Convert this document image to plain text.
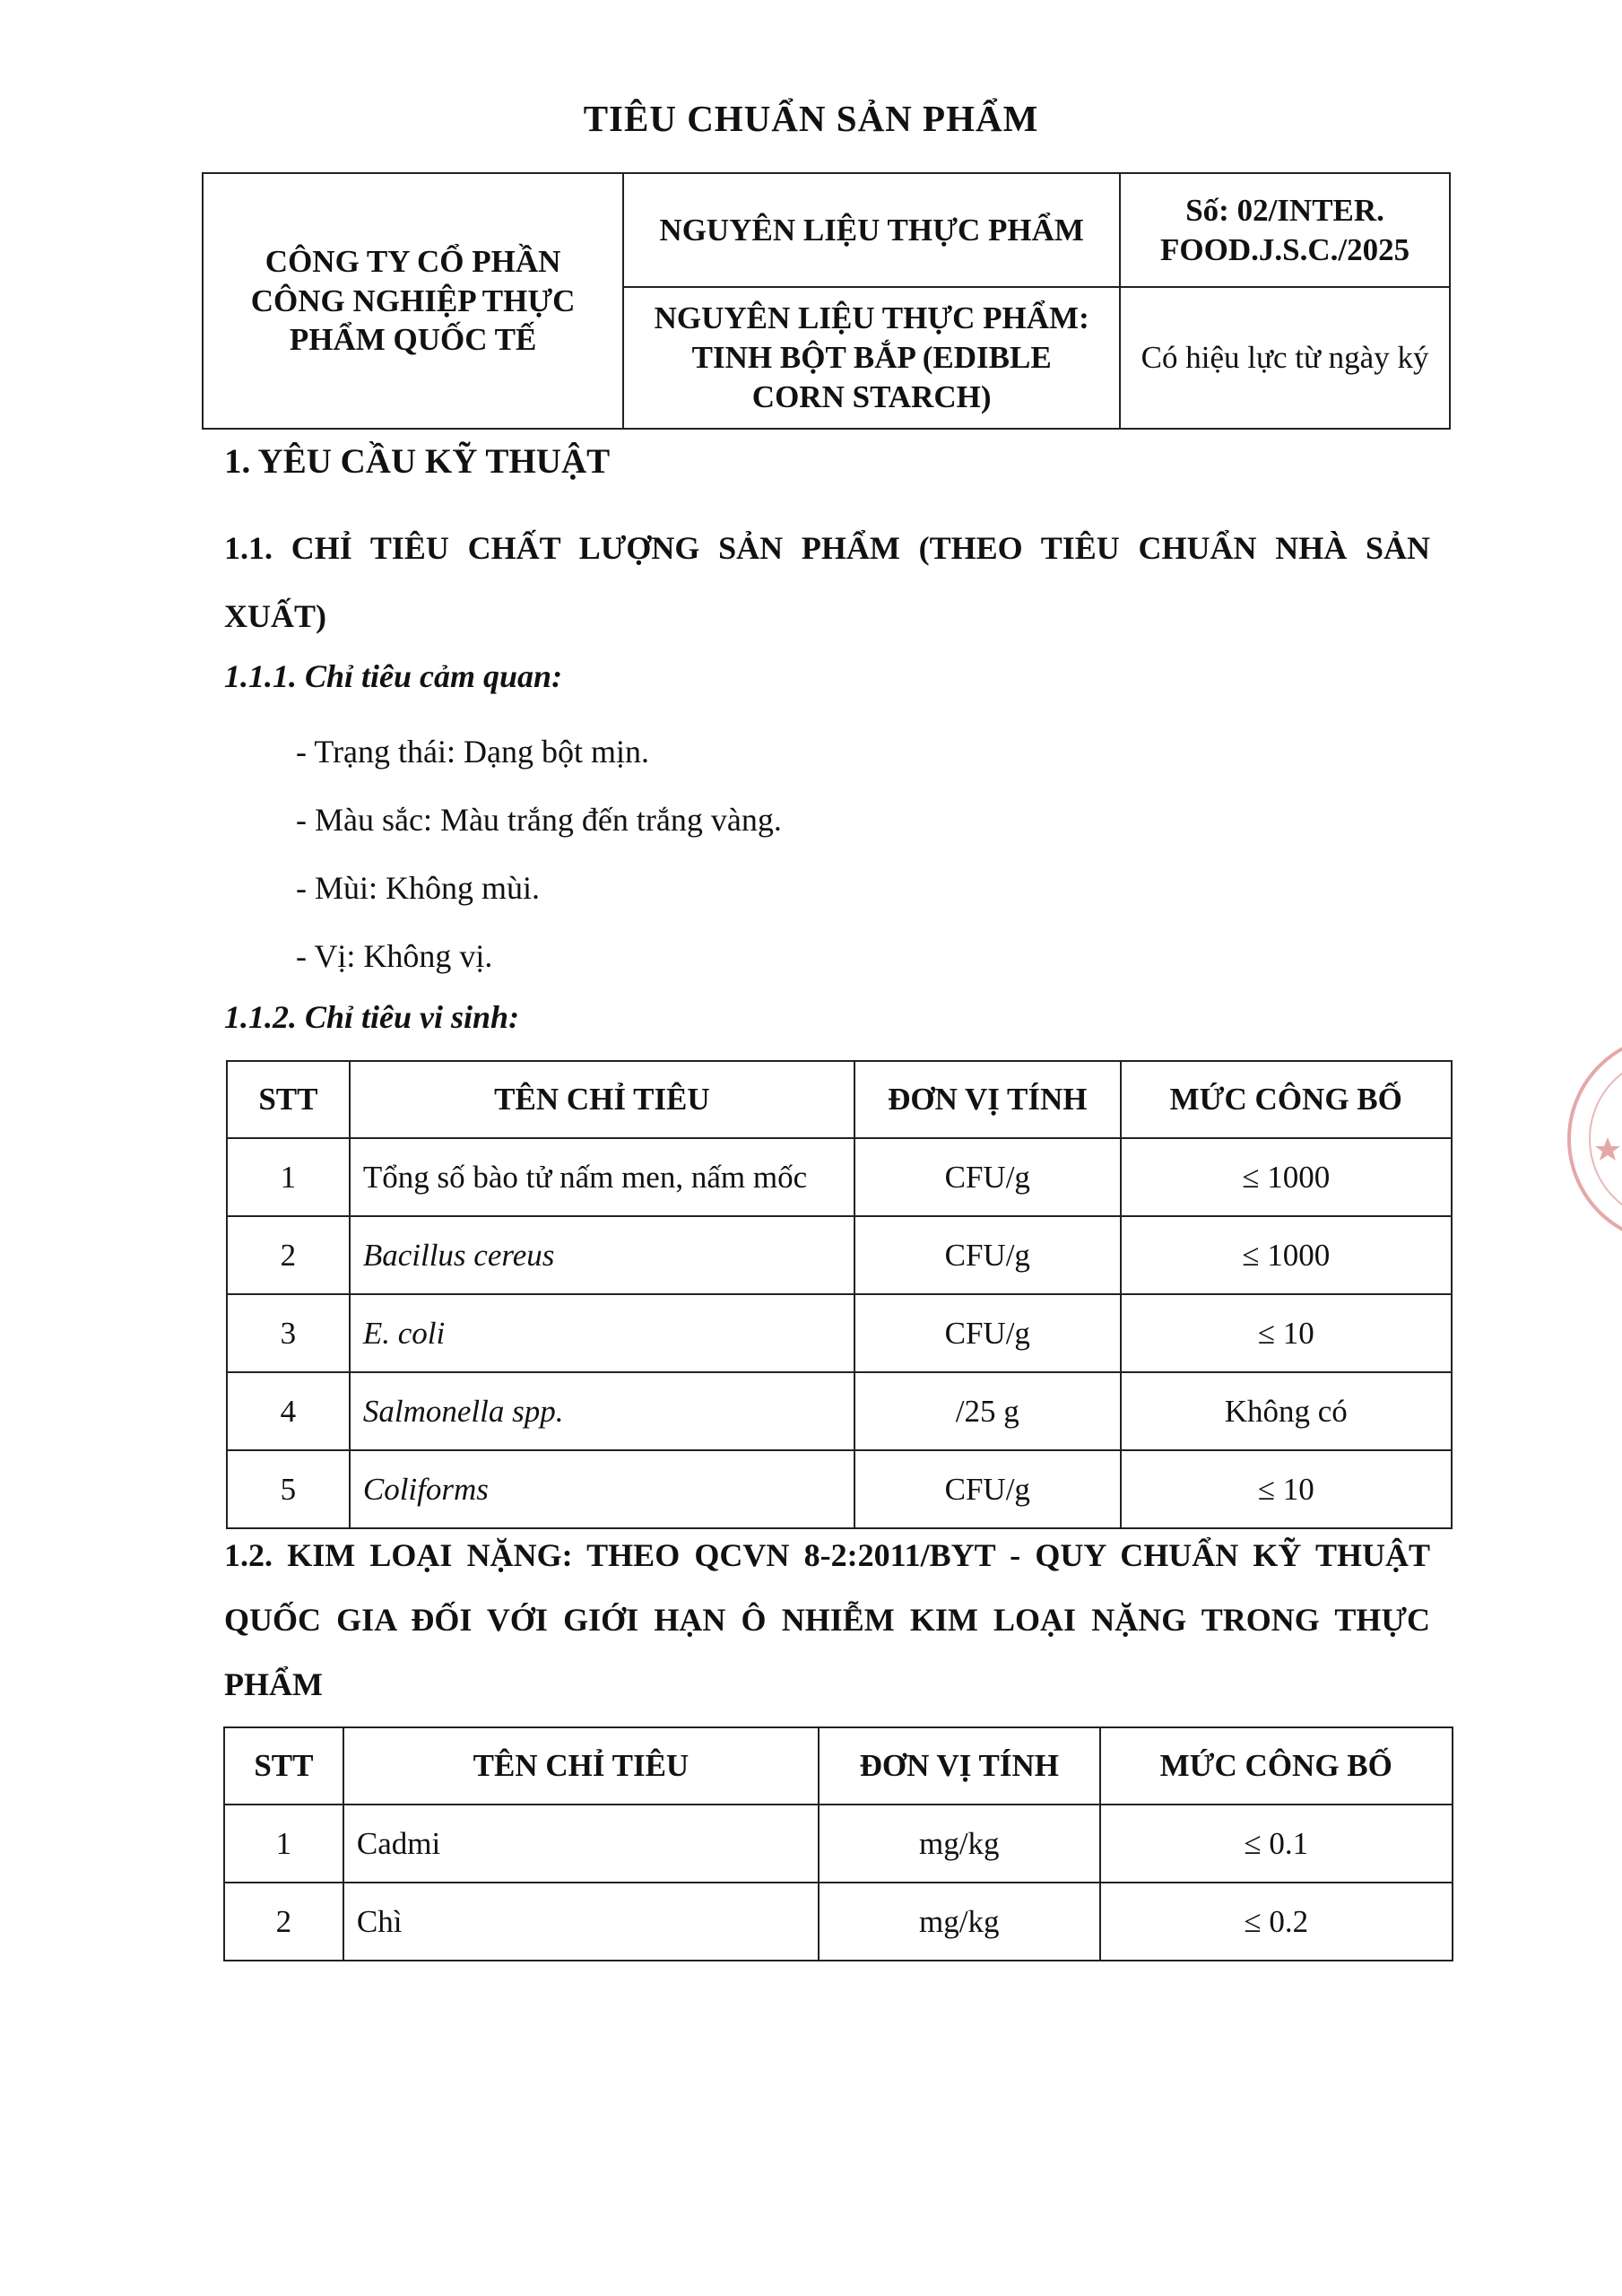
TIÊU CHUẨN SẢN PHẨM
CÔNG TY CỔ PHẦN CÔNG NGHIỆP THỰC PHẨM QUỐC TẾ	NGUYÊN LIỆU THỰC PHẨM	Số: 02/INTER. FOOD.J.S.C./2025
	NGUYÊN LIỆU THỰC PHẨM: TINH BỘT BẮP (EDIBLE CORN STARCH)	Có hiệu lực từ ngày ký
1. YÊU CẦU KỸ THUẬT
1.1. CHỈ TIÊU CHẤT LƯỢNG SẢN PHẨM (THEO TIÊU CHUẨN NHÀ SẢN
XUẤT)
1.1.1. Chỉ tiêu cảm quan:
- Trạng thái: Dạng bột mịn.
- Màu sắc: Màu trắng đến trắng vàng.
- Mùi: Không mùi.
- Vị: Không vị.
1.1.2. Chỉ tiêu vi sinh:
STT	TÊN CHỈ TIÊU	ĐƠN VỊ TÍNH	MỨC CÔNG BỐ
1	Tổng số bào tử nấm men, nấm mốc	CFU/g	≤ 1000
2	Bacillus cereus	CFU/g	≤ 1000
3	E. coli	CFU/g	≤ 10
4	Salmonella spp.	/25 g	Không có
5	Coliforms	CFU/g	≤ 10
1.2. KIM LOẠI NẶNG: THEO QCVN 8-2:2011/BYT - QUY CHUẨN KỸ THUẬT
QUỐC GIA ĐỐI VỚI GIỚI HẠN Ô NHIỄM KIM LOẠI NẶNG TRONG THỰC
PHẨM
STT	TÊN CHỈ TIÊU	ĐƠN VỊ TÍNH	MỨC CÔNG BỐ
1	Cadmi	mg/kg	≤ 0.1
2	Chì	mg/kg	≤ 0.2
